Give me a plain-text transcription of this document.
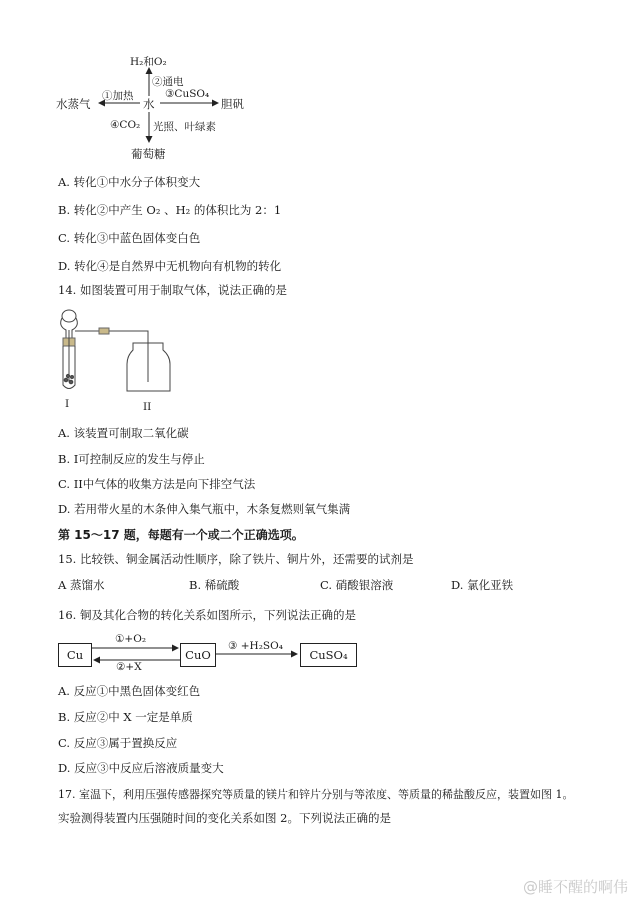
H₂和O₂
水
水蒸气	胆矾
葡萄糖
①加热
②通电
③CuSO₄
④CO₂ 光照、叶绿素
A. 转化①中水分子体积变大
B. 转化②中产生 O₂ 、H₂ 的体积比为 2：1
C. 转化③中蓝色固体变白色
D. 转化④是自然界中无机物向有机物的转化
14. 如图装置可用于制取气体，说法正确的是
I	II
A. 该装置可制取二氧化碳
B. I可控制反应的发生与停止
C. II中气体的收集方法是向下排空气法
D. 若用带火星的木条伸入集气瓶中，木条复燃则氧气集满
第 15～17 题，每题有一个或二个正确选项。
15. 比较铁、铜金属活动性顺序，除了铁片、铜片外，还需要的试剂是
A 蒸馏水	B. 稀硫酸	C. 硝酸银溶液	D. 氯化亚铁
16. 铜及其化合物的转化关系如图所示，下列说法正确的是
Cu	CuO	CuSO₄
①+O₂
②+X
③ +H₂SO₄
A. 反应①中黑色固体变红色
B. 反应②中 X 一定是单质
C. 反应③属于置换反应
D. 反应③中反应后溶液质量变大
17. 室温下，利用压强传感器探究等质量的镁片和锌片分别与等浓度、等质量的稀盐酸反应，装置如图 1。
实验测得装置内压强随时间的变化关系如图 2。下列说法正确的是
@睡不醒的啊伟
